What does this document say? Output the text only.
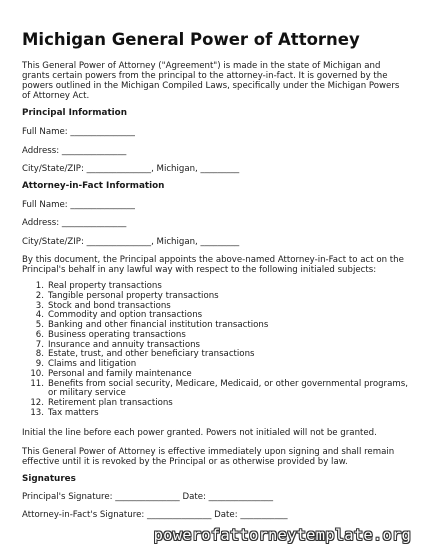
Michigan General Power of Attorney

This General Power of Attorney ("Agreement") is made in the state of Michigan and grants certain powers from the principal to the attorney-in-fact. It is governed by the powers outlined in the Michigan Compiled Laws, specifically under the Michigan Powers of Attorney Act.

Principal Information

Full Name: _______________

Address: _______________

City/State/ZIP: _______________, Michigan, _________

Attorney-in-Fact Information

Full Name: _______________

Address: _______________

City/State/ZIP: _______________, Michigan, _________

By this document, the Principal appoints the above-named Attorney-in-Fact to act on the Principal's behalf in any lawful way with respect to the following initialed subjects:

1. Real property transactions
2. Tangible personal property transactions
3. Stock and bond transactions
4. Commodity and option transactions
5. Banking and other financial institution transactions
6. Business operating transactions
7. Insurance and annuity transactions
8. Estate, trust, and other beneficiary transactions
9. Claims and litigation
10. Personal and family maintenance
11. Benefits from social security, Medicare, Medicaid, or other governmental programs, or military service
12. Retirement plan transactions
13. Tax matters

Initial the line before each power granted. Powers not initialed will not be granted.

This General Power of Attorney is effective immediately upon signing and shall remain effective until it is revoked by the Principal or as otherwise provided by law.

Signatures

Principal's Signature: _______________ Date: _______________

Attorney-in-Fact's Signature: _______________ Date: ___________

powerofattorneytemplate.org
